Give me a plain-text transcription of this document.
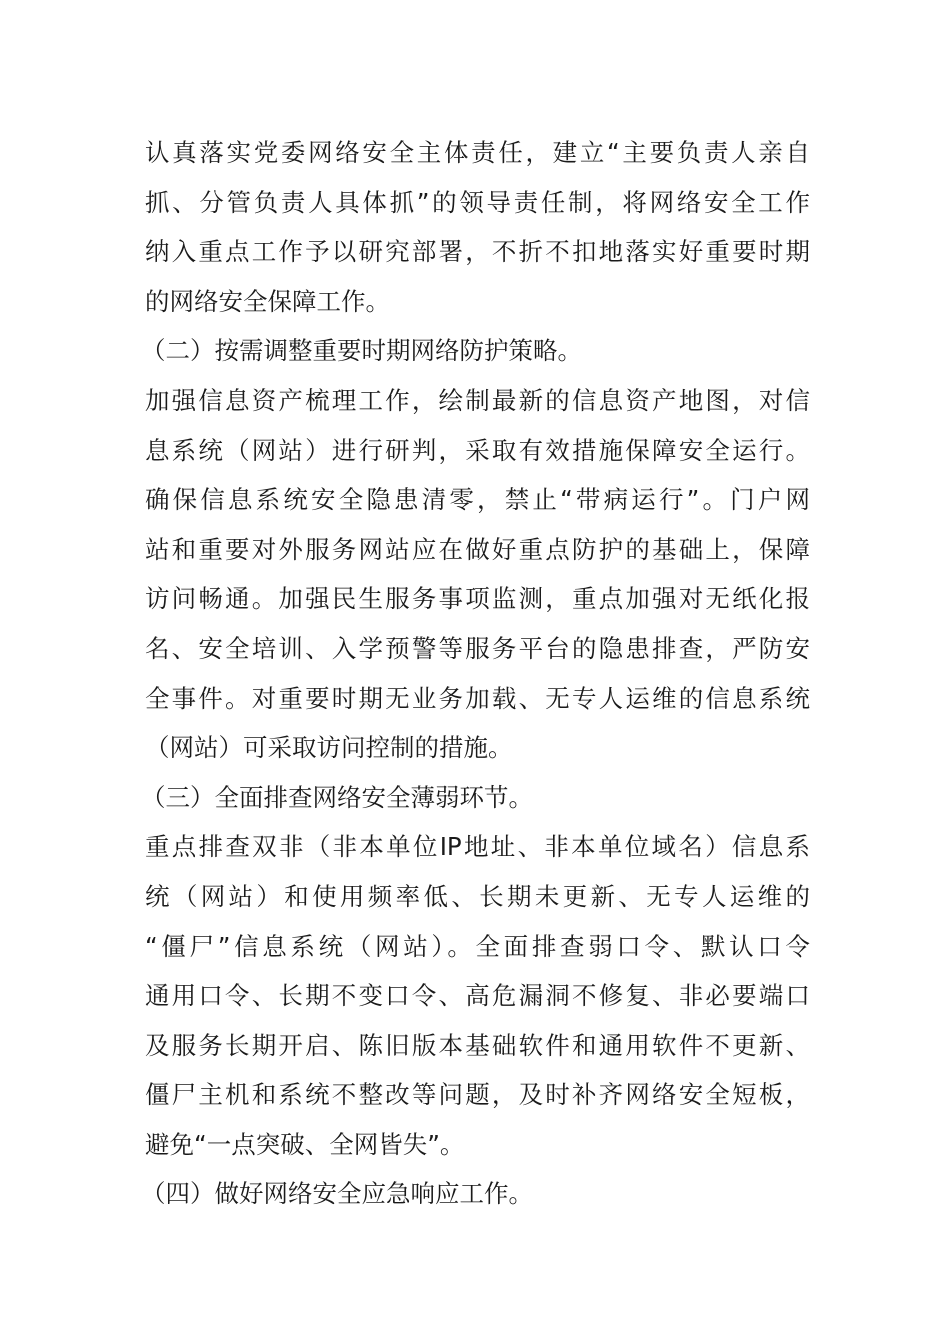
认真落实党委网络安全主体责任，建立“主要负责人亲自
抓、分管负责人具体抓”的领导责任制，将网络安全工作
纳入重点工作予以研究部署，不折不扣地落实好重要时期
的网络安全保障工作。
（二）按需调整重要时期网络防护策略。
加强信息资产梳理工作，绘制最新的信息资产地图，对信
息系统（网站）进行研判，采取有效措施保障安全运行。
确保信息系统安全隐患清零，禁止“带病运行”。门户网
站和重要对外服务网站应在做好重点防护的基础上，保障
访问畅通。加强民生服务事项监测，重点加强对无纸化报
名、安全培训、入学预警等服务平台的隐患排查，严防安
全事件。对重要时期无业务加载、无专人运维的信息系统
（网站）可采取访问控制的措施。
（三）全面排查网络安全薄弱环节。
重点排查双非（非本单位IP地址、非本单位域名）信息系
统（网站）和使用频率低、长期未更新、无专人运维的
“僵尸”信息系统（网站）。全面排查弱口令、默认口令
通用口令、长期不变口令、高危漏洞不修复、非必要端口
及服务长期开启、陈旧版本基础软件和通用软件不更新、
僵尸主机和系统不整改等问题，及时补齐网络安全短板，
避免“一点突破、全网皆失”。
（四）做好网络安全应急响应工作。
